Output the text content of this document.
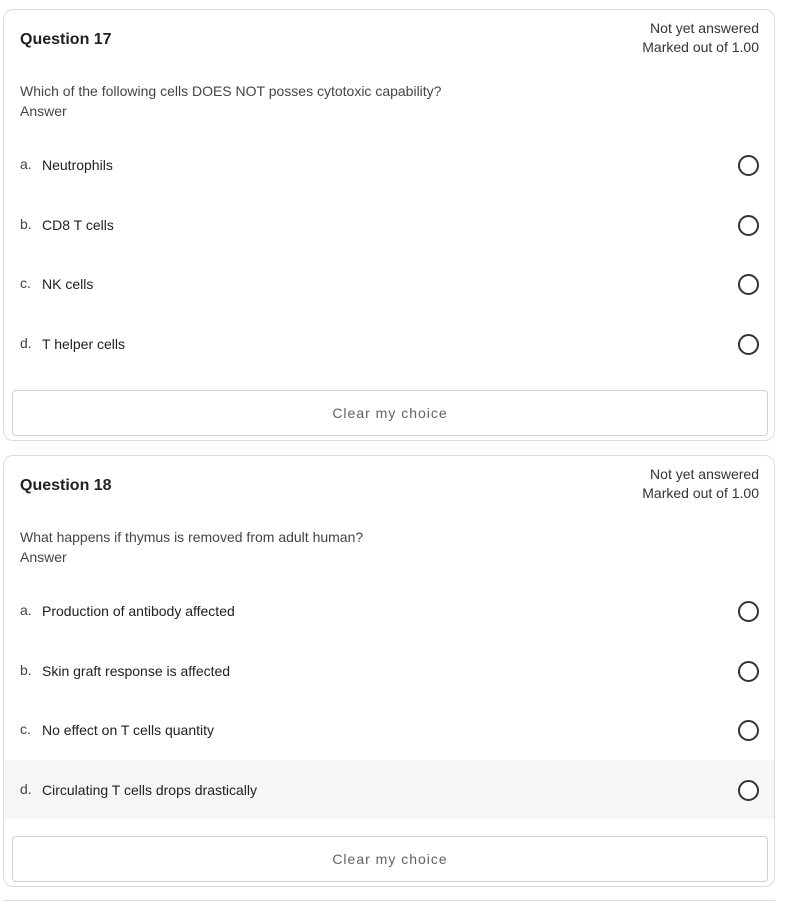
Question 17
Not yet answered
Marked out of 1.00
Which of the following cells DOES NOT posses cytotoxic capability?
Answer
a. Neutrophils
b. CD8 T cells
c. NK cells
d. T helper cells
Clear my choice
Question 18
Not yet answered
Marked out of 1.00
What happens if thymus is removed from adult human?
Answer
a. Production of antibody affected
b. Skin graft response is affected
c. No effect on T cells quantity
d. Circulating T cells drops drastically
Clear my choice
